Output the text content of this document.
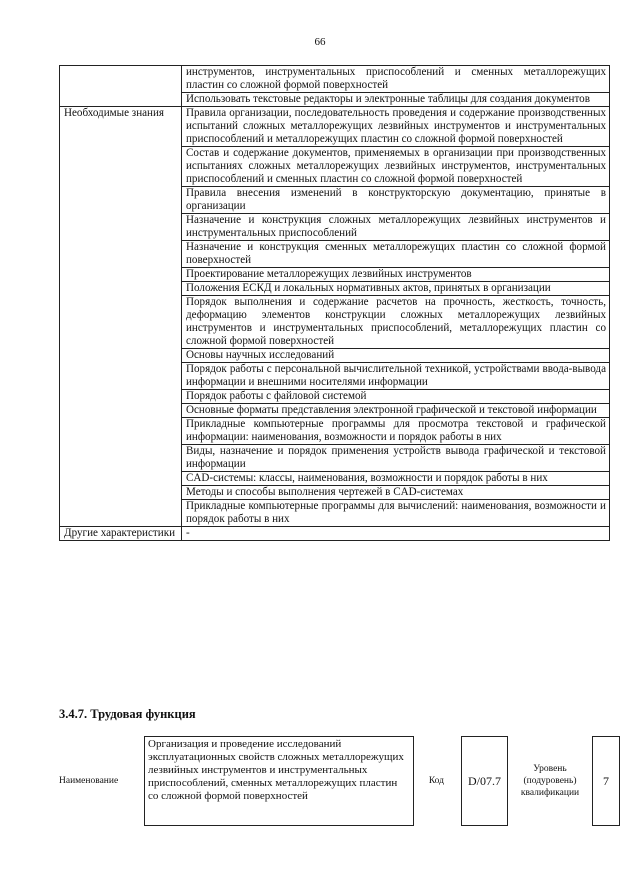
66
	инструментов, инструментальных приспособлений и сменных металлорежущих пластин со сложной формой поверхностей
	Использовать текстовые редакторы и электронные таблицы для создания документов
Необходимые знания	Правила организации, последовательность проведения и содержание производственных испытаний сложных металлорежущих лезвийных инструментов и инструментальных приспособлений и металлорежущих пластин со сложной формой поверхностей
	Состав и содержание документов, применяемых в организации при производственных испытаниях сложных металлорежущих лезвийных инструментов, инструментальных приспособлений и сменных пластин со сложной формой поверхностей
	Правила внесения изменений в конструкторскую документацию, принятые в организации
	Назначение и конструкция сложных металлорежущих лезвийных инструментов и инструментальных приспособлений
	Назначение и конструкция сменных металлорежущих пластин со сложной формой поверхностей
	Проектирование металлорежущих лезвийных инструментов
	Положения ЕСКД и локальных нормативных актов, принятых в организации
	Порядок выполнения и содержание расчетов на прочность, жесткость, точность, деформацию элементов конструкции сложных металлорежущих лезвийных инструментов и инструментальных приспособлений, металлорежущих пластин со сложной формой поверхностей
	Основы научных исследований
	Порядок работы с персональной вычислительной техникой, устройствами ввода-вывода информации и внешними носителями информации
	Порядок работы с файловой системой
	Основные форматы представления электронной графической и текстовой информации
	Прикладные компьютерные программы для просмотра текстовой и графической информации: наименования, возможности и порядок работы в них
	Виды, назначение и порядок применения устройств вывода графической и текстовой информации
	CAD-системы: классы, наименования, возможности и порядок работы в них
	Методы и способы выполнения чертежей в CAD-системах
	Прикладные компьютерные программы для вычислений: наименования, возможности и порядок работы в них
Другие характеристики	-
3.4.7. Трудовая функция
Наименование	Организация и проведение исследований эксплуатационных свойств сложных металлорежущих лезвийных инструментов и инструментальных приспособлений, сменных металлорежущих пластин со сложной формой поверхностей	Код		D/07.7		Уровень (подуровень) квалификации		7
